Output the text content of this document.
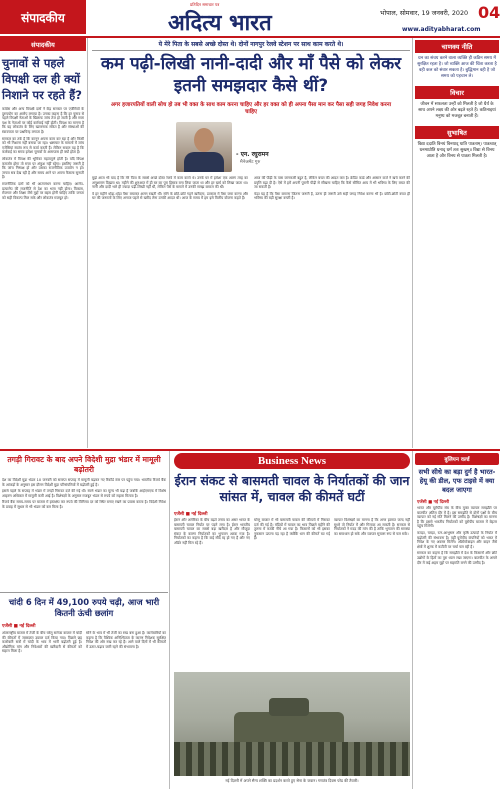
संपादकीय
प्रतिदिन समाचार पत्र
अदित्य भारत	भोपाल, सोमवार, 19 जनवरी, 2020 04
www.adityabharat.com
संपादकीय
चुनावों से पहले विपक्षी दल ही क्यों निशाने पर रहते हैं?
कांग्रेस और अन्य विपक्षी दलों ने केंद्र सरकार पर एजेंसियों के दुरुपयोग का आरोप लगाया है। उनका कहना है कि हर चुनाव से पहले विपक्षी नेताओं के खिलाफ जांच तेज हो जाती है और सत्ता पक्ष के नेताओं पर कोई कार्रवाई नहीं होती। विपक्ष का मानना है कि यह लोकतंत्र के लिए खतरनाक संकेत है और संस्थाओं की स्वायत्तता पर प्रश्नचिन्ह लगाता है।
सरकार का तर्क है कि कानून अपना काम कर रहा है और किसी को भी निशाना नहीं बनाया जा रहा। भ्रष्टाचार के मामलों में जांच एजेंसियां स्वतंत्र रूप से कार्य करती हैं। लेकिन सवाल यह है कि कार्रवाई का समय हमेशा चुनावों के आसपास ही क्यों होता है।
लोकतंत्र में विपक्ष की भूमिका महत्वपूर्ण होती है। यदि विपक्ष कमजोर होगा तो सत्ता पर अंकुश नहीं रहेगा। इसलिए जरूरी है कि जांच निष्पक्ष हो और उसका राजनीतिक उपयोग न हो। जनता सब देख रही है और समय आने पर अपना फैसला सुनाती है।
राजनीतिक दलों को भी आत्ममंथन करना चाहिए। आरोप-प्रत्यारोप की राजनीति से देश का भला नहीं होगा। विकास, रोजगार और शिक्षा जैसे मुद्दों पर बहस होनी चाहिए ताकि जनता को सही विकल्प मिल सके और लोकतंत्र मजबूत हो।
ये मेरे पिता के सबसे अच्छे दोस्त थे। दोनों नागपुर रेलवे स्टेशन पर साथ काम करते थे।
कम पढ़ी-लिखी नानी-दादी और माँ पैसे को लेकर इतनी समझदार कैसे थीं?
अगर हजारपतियों वाली सोच हो तब भी वक्त के साथ काम करना चाहिए और हर वक्त को ही अपना पैसा मान कर पैसा सही जगह निवेश करना चाहिए
- एन. रघुरामन
मैनेजमेंट गुरु

मुझे आज भी याद है कि मेरे पिता के सबसे अच्छे दोस्त रेलवे में काम करते थे। उनके घर में हमेशा एक अलग तरह का अनुशासन दिखता था। महीने की शुरुआत में ही घर का पूरा हिसाब बना लिया जाता था और हर खर्च को लिखा जाता था। नानी और दादी भले ही ज्यादा पढ़ी-लिखी नहीं थीं, लेकिन पैसे के मामले में उनकी समझ कमाल की थी।

वे हर महीने थोड़ा-थोड़ा पैसा बचाकर अलग रखती थीं। सोने के छोटे-छोटे गहने खरीदना, डाकघर में पैसा जमा करना और घर की जरूरतों के लिए अनाज पहले से खरीद लेना उनकी आदत थी। आज के समय में हम इसे वित्तीय योजना कहते हैं।

आज की पीढ़ी के पास जानकारी बहुत है, लेकिन बचत की आदत कम है। क्रेडिट कार्ड और आसान कर्ज ने खर्च करने की प्रवृत्ति बढ़ा दी है। ऐसे में हमें अपनी पुरानी पीढ़ी से सीखना चाहिए कि कैसे सीमित आय में भी भविष्य के लिए बचत की जा सकती है।

फंडा यह है कि पैसा कमाना जितना जरूरी है, उतना ही जरूरी उसे सही जगह निवेश करना भी है। छोटी-छोटी बचत ही भविष्य की बड़ी सुरक्षा बनती है।

चाणक्य नीति
धन का संचय करने वाला व्यक्ति ही कठिन समय में सुरक्षित रहता है। जो व्यक्ति आज की चिंता करता है वही कल को संवार सकता है। बुद्धिमान वही है जो समय को पहचान ले।
विचार
जीवन में सफलता उन्हीं को मिलती है जो धैर्य के साथ अपने लक्ष्य की ओर बढ़ते रहते हैं। कठिनाइयां मनुष्य को मजबूत बनाती हैं।
सुभाषित
विद्या ददाति विनयं विनयाद् याति पात्रताम्। पात्रत्वात् धनमाप्नोति धनाद् धर्मं ततः सुखम्॥ विद्या से विनय आता है और विनय से पात्रता मिलती है।
तगड़ी गिरावट के बाद अपने विदेशी मुद्रा भंडार में मामूली बढ़ोतरी
देश का विदेशी मुद्रा भंडार 10 जनवरी को समाप्त सप्ताह में मामूली बढ़कर नए रिकॉर्ड स्तर पर पहुंच गया। भारतीय रिजर्व बैंक के आंकड़ों के अनुसार इस दौरान विदेशी मुद्रा परिसंपत्तियों में बढ़ोतरी हुई है।
इससे पहले के सप्ताह में भंडार में तगड़ी गिरावट दर्ज की गई थी। स्वर्ण भंडार का मूल्य भी बढ़ा है जबकि आईएमएफ में विशेष आहरण अधिकार में मामूली कमी आई है। विशेषज्ञों के अनुसार मजबूत भंडार से रुपये को सहारा मिलता है।
रिजर्व बैंक समय-समय पर बाजार में हस्तक्षेप कर रुपये की विनिमय दर को स्थिर बनाए रखने का प्रयास करता है। विदेशी निवेश के प्रवाह में सुधार से भी भंडार को बल मिला है।
चांदी 6 दिन में 49,100 रुपये चढ़ी, आज भारी कितनी ऊंची छलांग
एजेंसी ■ नई दिल्ली

अंतरराष्ट्रीय बाजार में तेजी के बीच घरेलू सर्राफा बाजार में चांदी की कीमतों में जबरदस्त उछाल दर्ज किया गया। पिछले छह कारोबारी सत्रों में चांदी के भाव में भारी बढ़ोतरी हुई है। औद्योगिक मांग और निवेशकों की खरीदारी से कीमतों को सहारा मिला है।

सोने के भाव में भी तेजी का रुख बना हुआ है। कारोबारियों का कहना है कि वैश्विक अनिश्चितता के कारण निवेशक सुरक्षित निवेश की ओर रुख कर रहे हैं। आने वाले दिनों में भी कीमतों में उतार-चढ़ाव जारी रहने की संभावना है।

Business News
ईरान संकट से बासमती चावल के निर्यातकों की जान सांसत में, चावल की कीमतें घटीं
एजेंसी ■ नई दिल्ली

ईरान और अमेरिका के बीच बढ़ते तनाव का असर भारत के बासमती चावल निर्यात पर पड़ने लगा है। ईरान भारतीय बासमती चावल का सबसे बड़ा खरीदार है और मौजूदा संकट के कारण निर्यातकों का भुगतान अटक गया है। निर्यातकों का कहना है कि कई सौदे रद्द हो गए हैं और नए ऑर्डर नहीं मिल रहे हैं।

घरेलू बाजार में भी बासमती चावल की कीमतों में गिरावट दर्ज की गई है। मंडियों में चावल का भाव पिछले महीने की तुलना में काफी नीचे आ गया है। किसानों को भी इसका नुकसान उठाना पड़ रहा है क्योंकि धान की कीमतें घट गई हैं।

व्यापार विशेषज्ञों का मानना है कि अगर हालात जल्द नहीं सुधरे तो निर्यात में और गिरावट आ सकती है। सरकार से निर्यातकों ने मदद की मांग की है ताकि भुगतान की समस्या का समाधान हो सके और व्यापार सुचारू रूप से चल सके।

नई दिल्ली में अपने सैन्य शक्ति का प्रदर्शन करते हुए सेना के जवान। गणतंत्र दिवस परेड की तैयारी।
बुलियन वर्ल्ड
सभी सीधे का बड़ा दुर्ग है भारत-हेयू की डील, एफ टाइसे में क्या बदल जाएगा
एजेंसी ■ नई दिल्ली
भारत और यूरोपीय संघ के बीच मुक्त व्यापार समझौते पर बातचीत अंतिम दौर में है। इस समझौते से दोनों पक्षों के बीच व्यापार को नई गति मिलने की उम्मीद है। विशेषज्ञों का मानना है कि इससे भारतीय निर्यातकों को यूरोपीय बाजार में बेहतर पहुंच मिलेगी।
कपड़ा, चमड़ा, रत्न-आभूषण और कृषि उत्पादों के निर्यात में बढ़ोतरी की संभावना है। वहीं यूरोपीय कंपनियों को भारत में निवेश के नए अवसर मिलेंगे। ऑटोमोबाइल और वाइन जैसे क्षेत्रों में शुल्क में कटौती पर चर्चा चल रही है।
सरकार का कहना है कि समझौते में देश के किसानों और छोटे उद्योगों के हितों का पूरा ध्यान रखा जाएगा। बातचीत के अगले दौर में कई अहम मुद्दों पर सहमति बनने की उम्मीद है।
